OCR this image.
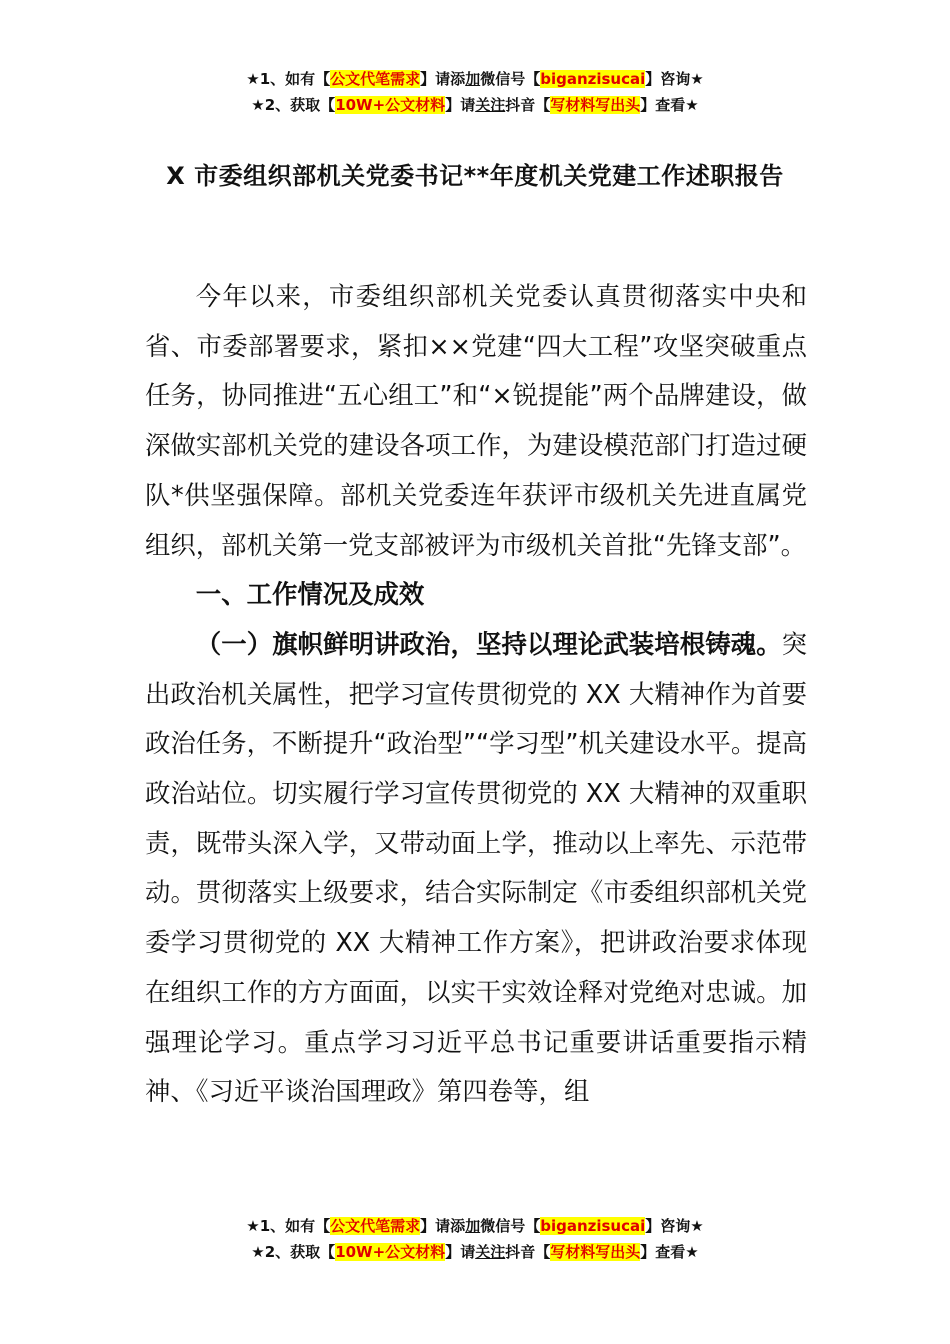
★1、如有【公文代笔需求】请添加微信号【biganzisucai】咨询★
★2、获取【10W+公文材料】请关注抖音【写材料写出头】查看★
X 市委组织部机关党委书记**年度机关党建工作述职报告

今年以来，市委组织部机关党委认真贯彻落实中央和省、市委部署要求，紧扣××党建“四大工程”攻坚突破重点任务，协同推进“五心组工”和“×锐提能”两个品牌建设，做深做实部机关党的建设各项工作，为建设模范部门打造过硬队*供坚强保障。部机关党委连年获评市级机关先进直属党组织，部机关第一党支部被评为市级机关首批“先锋支部”。

一、工作情况及成效

（一）旗帜鲜明讲政治，坚持以理论武装培根铸魂。突出政治机关属性，把学习宣传贯彻党的 XX 大精神作为首要政治任务，不断提升“政治型”“学习型”机关建设水平。提高政治站位。切实履行学习宣传贯彻党的 XX 大精神的双重职责，既带头深入学，又带动面上学，推动以上率先、示范带动。贯彻落实上级要求，结合实际制定《市委组织部机关党委学习贯彻党的 XX 大精神工作方案》，把讲政治要求体现在组织工作的方方面面，以实干实效诠释对党绝对忠诚。加强理论学习。重点学习习近平总书记重要讲话重要指示精神、《习近平谈治国理政》第四卷等，组

★1、如有【公文代笔需求】请添加微信号【biganzisucai】咨询★
★2、获取【10W+公文材料】请关注抖音【写材料写出头】查看★
